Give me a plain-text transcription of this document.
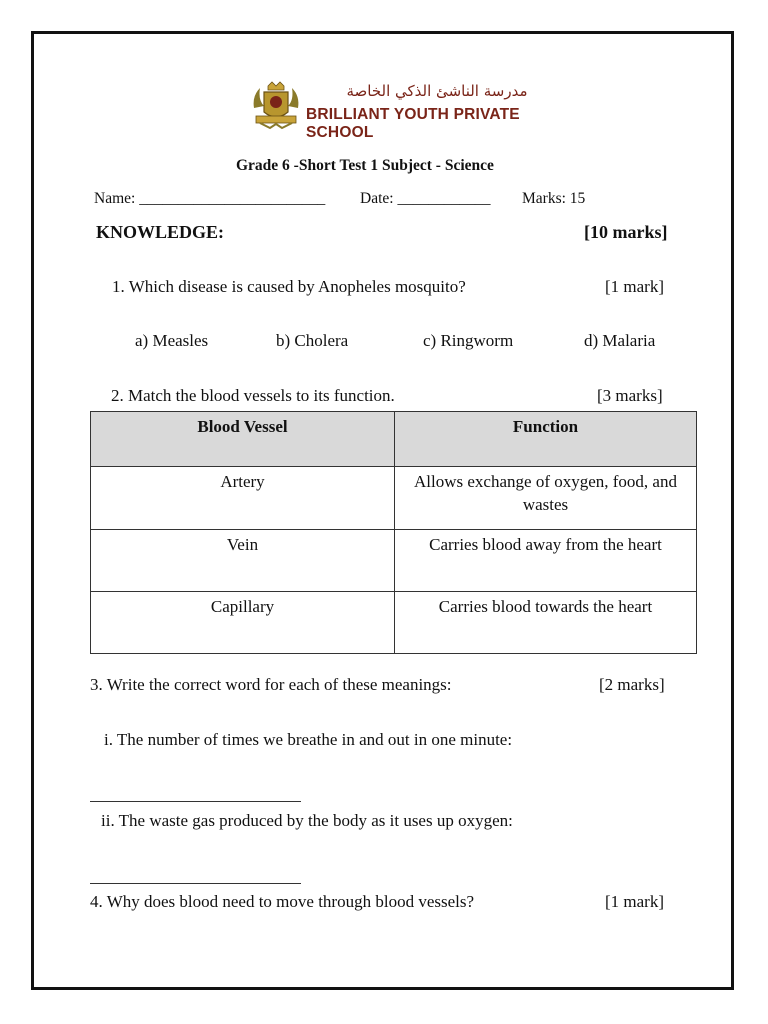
مدرسة الناشئ الذكي الخاصة
BRILLIANT YOUTH PRIVATE SCHOOL
Grade 6 -Short Test 1 Subject - Science
Name: ________________________ Date: ____________ Marks: 15
KNOWLEDGE:	[10 marks]
1. Which disease is caused by Anopheles mosquito?	[1 mark]
a) Measles	b) Cholera	c) Ringworm	d) Malaria
2. Match the blood vessels to its function.	[3 marks]
Blood Vessel	Function
Artery	Allows exchange of oxygen, food, and wastes
Vein	Carries blood away from the heart
Capillary	Carries blood towards the heart
3. Write the correct word for each of these meanings:	[2 marks]
i. The number of times we breathe in and out in one minute:
ii. The waste gas produced by the body as it uses up oxygen:
4. Why does blood need to move through blood vessels?	[1 mark]
